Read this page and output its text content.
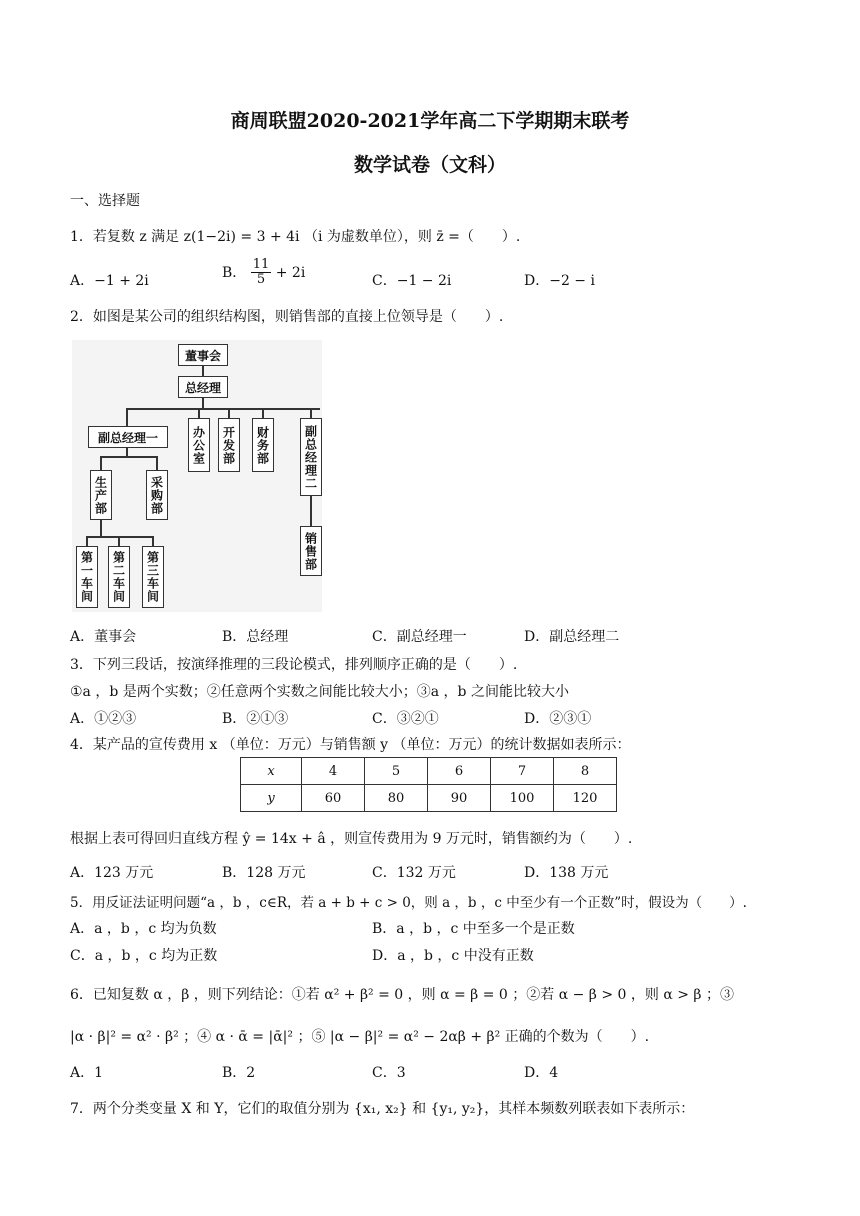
商周联盟2020-2021学年高二下学期期末联考
数学试卷（文科）
一、选择题
1．若复数 z 满足 z(1−2i) = 3 + 4i （i 为虚数单位），则 z̄ =（　　）.
A．−1 + 2i
B． $\frac{11}{5} + 2i$
C．−1 − 2i	D．−2 − i
2．如图是某公司的组织结构图，则销售部的直接上位领导是（　　）.
董事会
总经理
副总经理一	办公室	开发部	财务部	副总经理二
生产部	采购部
销售部
第一车间	第二车间	第三车间
A．董事会	B．总经理	C．副总经理一	D．副总经理二
3．下列三段话，按演绎推理的三段论模式，排列顺序正确的是（　　）.
①a ，b 是两个实数；②任意两个实数之间能比较大小；③a ，b 之间能比较大小
A．①②③	B．②①③	C．③②①	D．②③①
4．某产品的宣传费用 x （单位：万元）与销售额 y （单位：万元）的统计数据如表所示：
x	4	5	6	7	8
y	60	80	90	100	120
根据上表可得回归直线方程 ŷ = 14x + â ，则宣传费用为 9 万元时，销售额约为（　　）.
A．123 万元	B．128 万元	C．132 万元	D．138 万元
5．用反证法证明问题“a ，b ，c∈R，若 a + b + c > 0，则 a ，b ，c 中至少有一个正数”时，假设为（　　）.
A．a ，b ，c 均为负数	B．a ，b ，c 中至多一个是正数
C．a ，b ，c 均为正数	D．a ，b ，c 中没有正数
6．已知复数 α ，β ，则下列结论：①若 α² + β² = 0 ，则 α = β = 0 ；②若 α − β > 0 ，则 α > β ；③
|α · β|² = α² · β² ；④ α · ᾱ = |ᾱ|² ；⑤ |α − β|² = α² − 2αβ + β² 正确的个数为（　　）.
A．1	B．2	C．3	D．4
7．两个分类变量 X 和 Y，它们的取值分别为 {x₁, x₂} 和 {y₁, y₂}，其样本频数列联表如下表所示：
